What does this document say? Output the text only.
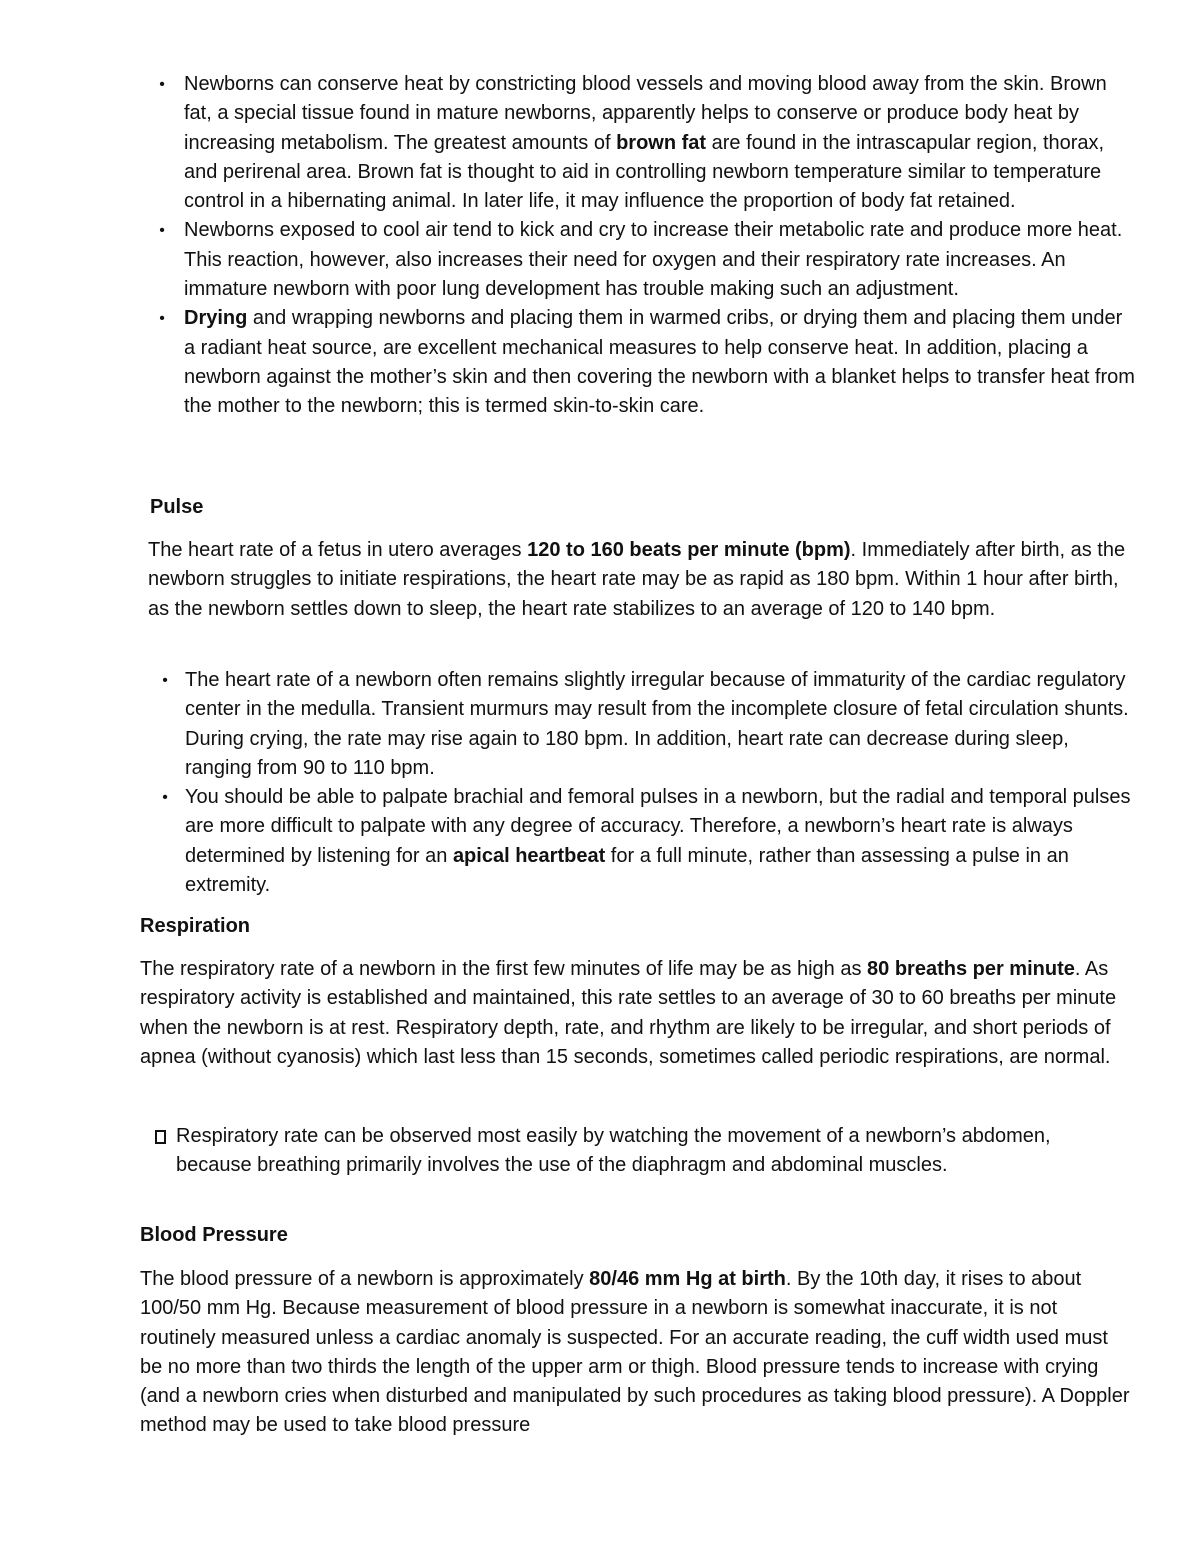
• Newborns can conserve heat by constricting blood vessels and moving blood away from the skin. Brown fat, a special tissue found in mature newborns, apparently helps to conserve or produce body heat by increasing metabolism. The greatest amounts of brown fat are found in the intrascapular region, thorax, and perirenal area. Brown fat is thought to aid in controlling newborn temperature similar to temperature control in a hibernating animal. In later life, it may influence the proportion of body fat retained.
• Newborns exposed to cool air tend to kick and cry to increase their metabolic rate and produce more heat. This reaction, however, also increases their need for oxygen and their respiratory rate increases. An immature newborn with poor lung development has trouble making such an adjustment.
• Drying and wrapping newborns and placing them in warmed cribs, or drying them and placing them under a radiant heat source, are excellent mechanical measures to help conserve heat. In addition, placing a newborn against the mother’s skin and then covering the newborn with a blanket helps to transfer heat from the mother to the newborn; this is termed skin-to-skin care.
Pulse

The heart rate of a fetus in utero averages 120 to 160 beats per minute (bpm). Immediately after birth, as the newborn struggles to initiate respirations, the heart rate may be as rapid as 180 bpm. Within 1 hour after birth, as the newborn settles down to sleep, the heart rate stabilizes to an average of 120 to 140 bpm.

• The heart rate of a newborn often remains slightly irregular because of immaturity of the cardiac regulatory center in the medulla. Transient murmurs may result from the incomplete closure of fetal circulation shunts. During crying, the rate may rise again to 180 bpm. In addition, heart rate can decrease during sleep, ranging from 90 to 110 bpm.
• You should be able to palpate brachial and femoral pulses in a newborn, but the radial and temporal pulses are more difficult to palpate with any degree of accuracy. Therefore, a newborn’s heart rate is always determined by listening for an apical heartbeat for a full minute, rather than assessing a pulse in an extremity.
Respiration

The respiratory rate of a newborn in the first few minutes of life may be as high as 80 breaths per minute. As respiratory activity is established and maintained, this rate settles to an average of 30 to 60 breaths per minute when the newborn is at rest. Respiratory depth, rate, and rhythm are likely to be irregular, and short periods of apnea (without cyanosis) which last less than 15 seconds, sometimes called periodic respirations, are normal.

Respiratory rate can be observed most easily by watching the movement of a newborn’s abdomen, because breathing primarily involves the use of the diaphragm and abdominal muscles.
Blood Pressure

The blood pressure of a newborn is approximately 80/46 mm Hg at birth. By the 10th day, it rises to about 100/50 mm Hg. Because measurement of blood pressure in a newborn is somewhat inaccurate, it is not routinely measured unless a cardiac anomaly is suspected. For an accurate reading, the cuff width used must be no more than two thirds the length of the upper arm or thigh. Blood pressure tends to increase with crying (and a newborn cries when disturbed and manipulated by such procedures as taking blood pressure). A Doppler method may be used to take blood pressure
